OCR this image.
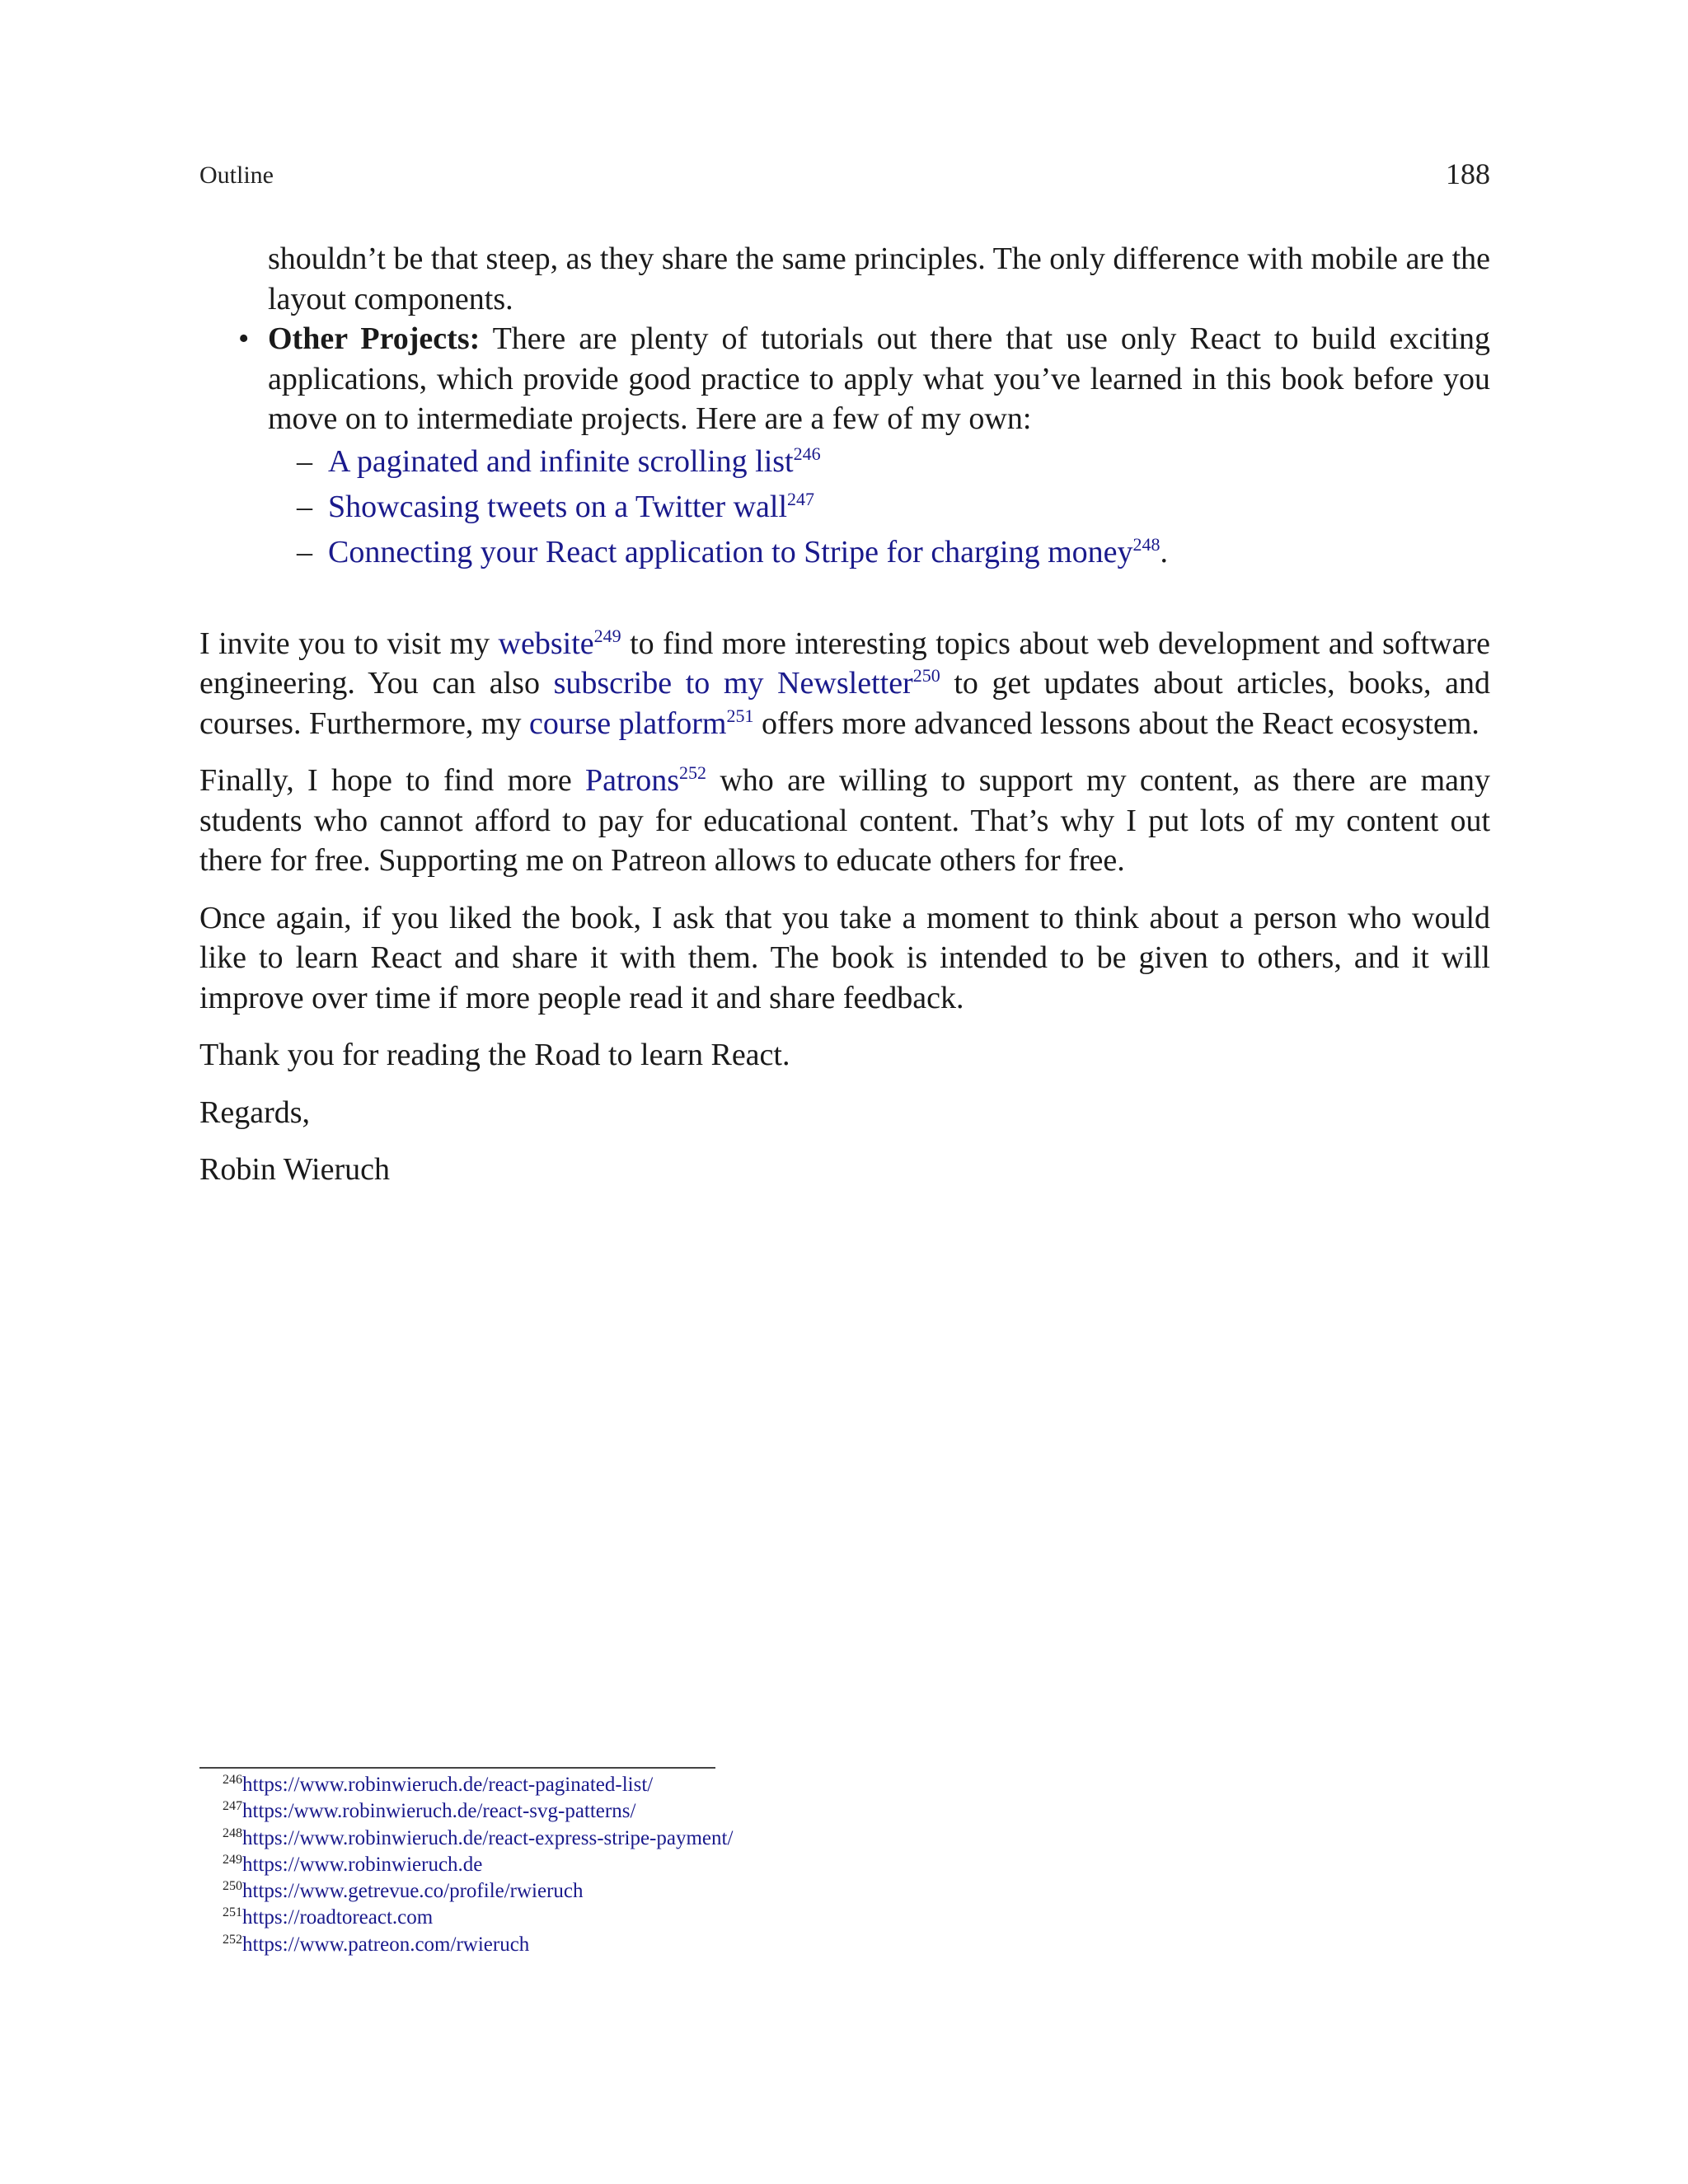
Outline	188

shouldn’t be that steep, as they share the same principles. The only difference with mobile are the layout components.

• Other Projects: There are plenty of tutorials out there that use only React to build exciting applications, which provide good practice to apply what you’ve learned in this book before you move on to intermediate projects. Here are a few of my own:
– A paginated and infinite scrolling list$^{246}$
– Showcasing tweets on a Twitter wall$^{247}$
– Connecting your React application to Stripe for charging money$^{248}$.

I invite you to visit my website$^{249}$ to find more interesting topics about web development and software engineering. You can also subscribe to my Newsletter$^{250}$ to get updates about articles, books, and courses. Furthermore, my course platform$^{251}$ offers more advanced lessons about the React ecosystem.

Finally, I hope to find more Patrons$^{252}$ who are willing to support my content, as there are many students who cannot afford to pay for educational content. That’s why I put lots of my content out there for free. Supporting me on Patreon allows to educate others for free.

Once again, if you liked the book, I ask that you take a moment to think about a person who would like to learn React and share it with them. The book is intended to be given to others, and it will improve over time if more people read it and share feedback.

Thank you for reading the Road to learn React.

Regards,

Robin Wieruch

$^{246}$https://www.robinwieruch.de/react-paginated-list/
$^{247}$https:/www.robinwieruch.de/react-svg-patterns/
$^{248}$https://www.robinwieruch.de/react-express-stripe-payment/
$^{249}$https://www.robinwieruch.de
$^{250}$https://www.getrevue.co/profile/rwieruch
$^{251}$https://roadtoreact.com
$^{252}$https://www.patreon.com/rwieruch
